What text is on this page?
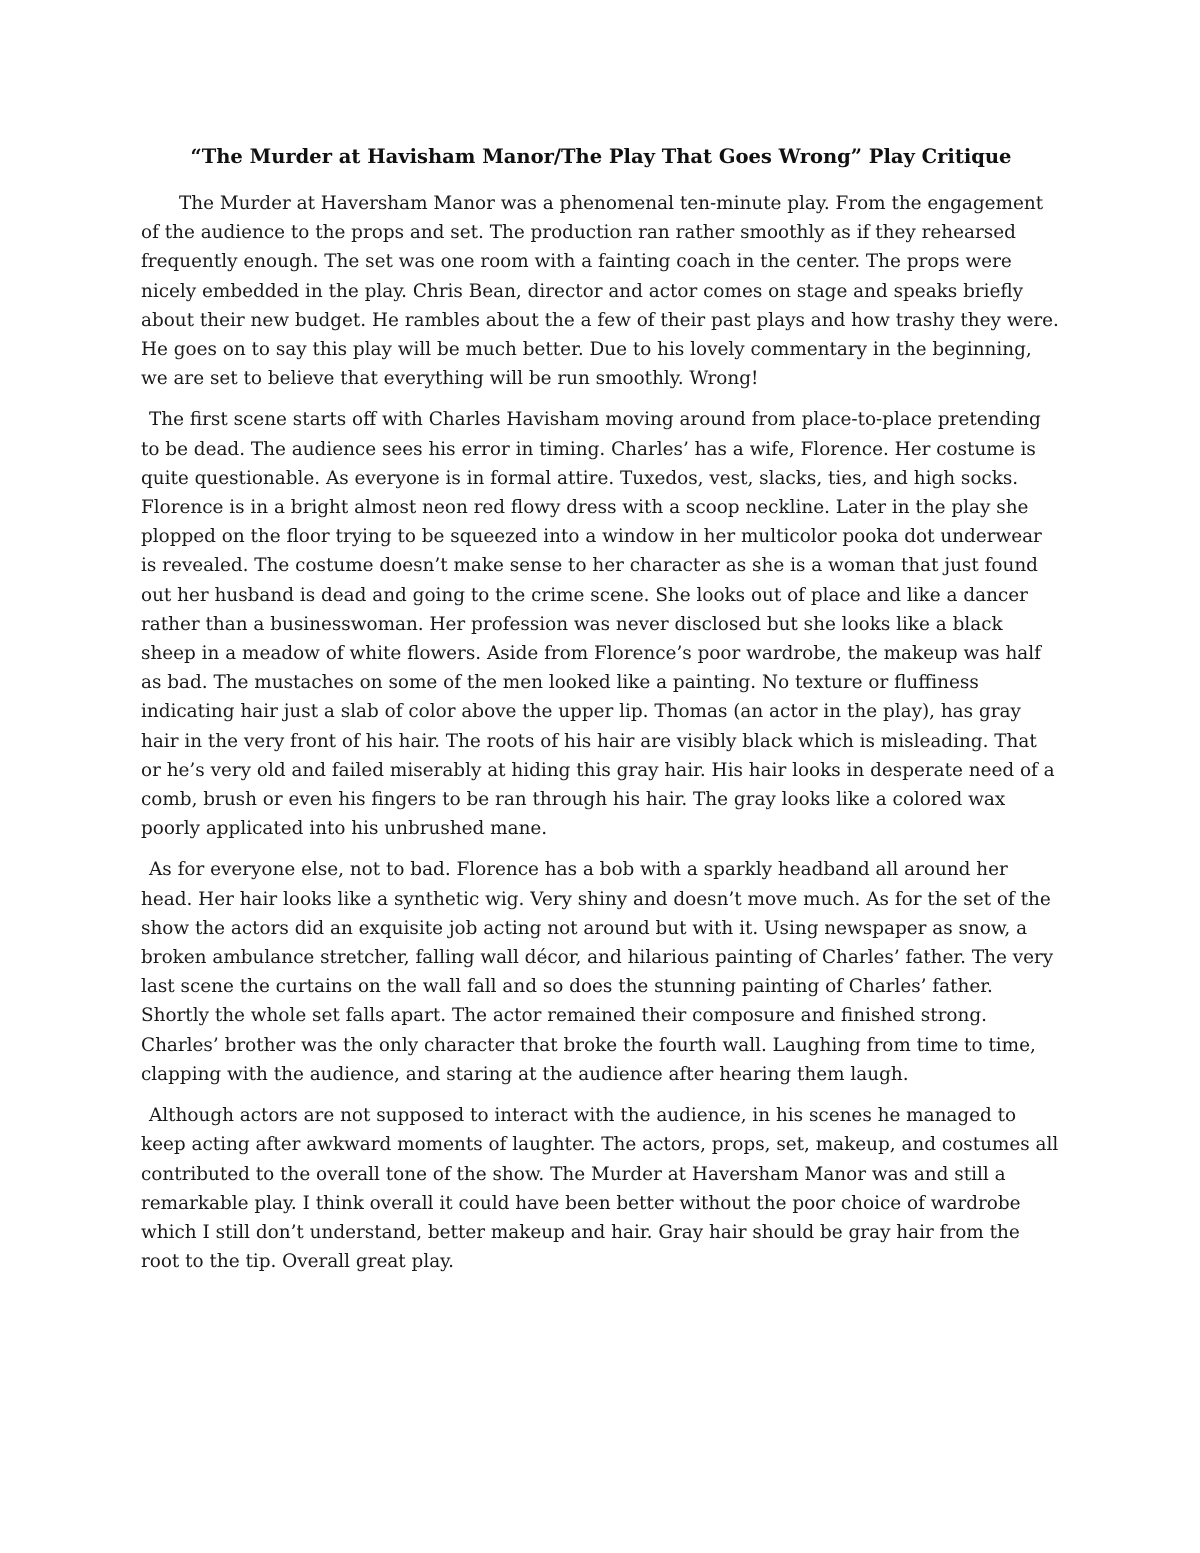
“The Murder at Havisham Manor/The Play That Goes Wrong” Play Critique

The Murder at Haversham Manor was a phenomenal ten-minute play. From the engagement of the audience to the props and set. The production ran rather smoothly as if they rehearsed frequently enough. The set was one room with a fainting coach in the center. The props were nicely embedded in the play. Chris Bean, director and actor comes on stage and speaks briefly about their new budget. He rambles about the a few of their past plays and how trashy they were. He goes on to say this play will be much better. Due to his lovely commentary in the beginning, we are set to believe that everything will be run smoothly. Wrong!

The first scene starts off with Charles Havisham moving around from place-to-place pretending to be dead. The audience sees his error in timing. Charles’ has a wife, Florence. Her costume is quite questionable. As everyone is in formal attire. Tuxedos, vest, slacks, ties, and high socks. Florence is in a bright almost neon red flowy dress with a scoop neckline. Later in the play she plopped on the floor trying to be squeezed into a window in her multicolor pooka dot underwear is revealed. The costume doesn’t make sense to her character as she is a woman that just found out her husband is dead and going to the crime scene. She looks out of place and like a dancer rather than a businesswoman. Her profession was never disclosed but she looks like a black sheep in a meadow of white flowers. Aside from Florence’s poor wardrobe, the makeup was half as bad. The mustaches on some of the men looked like a painting. No texture or fluffiness indicating hair just a slab of color above the upper lip. Thomas (an actor in the play), has gray hair in the very front of his hair. The roots of his hair are visibly black which is misleading. That or he’s very old and failed miserably at hiding this gray hair. His hair looks in desperate need of a comb, brush or even his fingers to be ran through his hair. The gray looks like a colored wax poorly applicated into his unbrushed mane.

As for everyone else, not to bad. Florence has a bob with a sparkly headband all around her head. Her hair looks like a synthetic wig. Very shiny and doesn’t move much. As for the set of the show the actors did an exquisite job acting not around but with it. Using newspaper as snow, a broken ambulance stretcher, falling wall décor, and hilarious painting of Charles’ father. The very last scene the curtains on the wall fall and so does the stunning painting of Charles’ father. Shortly the whole set falls apart. The actor remained their composure and finished strong. Charles’ brother was the only character that broke the fourth wall. Laughing from time to time, clapping with the audience, and staring at the audience after hearing them laugh.

Although actors are not supposed to interact with the audience, in his scenes he managed to keep acting after awkward moments of laughter. The actors, props, set, makeup, and costumes all contributed to the overall tone of the show. The Murder at Haversham Manor was and still a remarkable play. I think overall it could have been better without the poor choice of wardrobe which I still don’t understand, better makeup and hair. Gray hair should be gray hair from the root to the tip. Overall great play.
